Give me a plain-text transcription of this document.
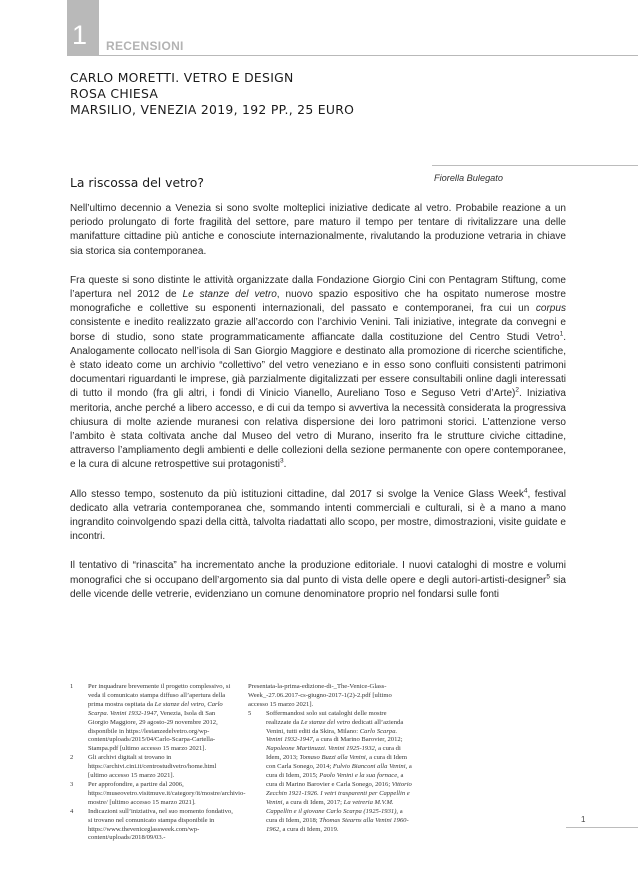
1 RECENSIONI
CARLO MORETTI. VETRO E DESIGN
ROSA CHIESA
MARSILIO, VENEZIA 2019, 192 PP., 25 EURO
Fiorella Bulegato
La riscossa del vetro?

Nell’ultimo decennio a Venezia si sono svolte molteplici iniziative dedicate al vetro. Probabile reazione a un periodo prolungato di forte fragilità del settore, pare maturo il tempo per tentare di rivitalizzare una delle manifatture cittadine più antiche e conosciute internazionalmente, rivalutando la produzione vetraria in chiave sia storica sia contemporanea.

Fra queste si sono distinte le attività organizzate dalla Fondazione Giorgio Cini con Pentagram Stiftung, come l’apertura nel 2012 de Le stanze del vetro, nuovo spazio espositivo che ha ospitato numerose mostre monografiche e collettive su esponenti internazionali, del passato e contemporanei, fra cui un corpus consistente e inedito realizzato grazie all’accordo con l’archivio Venini. Tali iniziative, integrate da convegni e borse di studio, sono state programmaticamente affiancate dalla costituzione del Centro Studi Vetro$^1$. Analogamente collocato nell’isola di San Giorgio Maggiore e destinato alla promozione di ricerche scientifiche, è stato ideato come un archivio “collettivo” del vetro veneziano e in esso sono confluiti consistenti patrimoni documentari riguardanti le imprese, già parzialmente digitalizzati per essere consultabili online dagli interessati di tutto il mondo (fra gli altri, i fondi di Vinicio Vianello, Aureliano Toso e Seguso Vetri d’Arte)$^2$. Iniziativa meritoria, anche perché a libero accesso, e di cui da tempo si avvertiva la necessità considerata la progressiva chiusura di molte aziende muranesi con relativa dispersione dei loro patrimoni storici. L’attenzione verso l’ambito è stata coltivata anche dal Museo del vetro di Murano, inserito fra le strutture civiche cittadine, attraverso l’ampliamento degli ambienti e delle collezioni della sezione permanente con opere contemporanee, e la cura di alcune retrospettive sui protagonisti$^3$.

Allo stesso tempo, sostenuto da più istituzioni cittadine, dal 2017 si svolge la Venice Glass Week$^4$, festival dedicato alla vetraria contemporanea che, sommando intenti commerciali e culturali, si è a mano a mano ingrandito coinvolgendo spazi della città, talvolta riadattati allo scopo, per mostre, dimostrazioni, visite guidate e incontri.

Il tentativo di “rinascita” ha incrementato anche la produzione editoriale. I nuovi cataloghi di mostre e volumi monografici che si occupano dell’argomento sia dal punto di vista delle opere e degli autori-artisti-designer$^5$ sia delle vicende delle vetrerie, evidenziano un comune denominatore proprio nel fondarsi sulle fonti

1 Per inquadrare brevemente il progetto complessivo, si veda il comunicato stampa diffuso all’apertura della prima mostra ospitata da Le stanze del vetro, Carlo Scarpa. Venini 1932-1947, Venezia, Isola di San Giorgio Maggiore, 29 agosto-29 novembre 2012, disponibile in https://lestanzedelvetro.org/wp-content/uploads/2015/04/Carlo-Scarpa-Cartella-Stampa.pdf [ultimo accesso 15 marzo 2021].
2 Gli archivi digitali si trovano in https://archivi.cini.it/centrostudivetro/home.html [ultimo accesso 15 marzo 2021].
3 Per approfondire, a partire dal 2006, https://museovetro.visitmuve.it/category/it/mostre/archivio-mostre/ [ultimo accesso 15 marzo 2021].
4 Indicazioni sull’iniziativa, nel suo momento fondativo, si trovano nel comunicato stampa disponibile in https://www.theveniceglassweek.com/wp-content/uploads/2018/09/03.-
Presentata-la-prima-edizione-di-_The-Venice-Glass-Week_-27.06.2017-cs-giugno-2017-1(2)-2.pdf [ultimo accesso 15 marzo 2021].
5 Soffermandosi solo sui cataloghi delle mostre realizzate da Le stanze del vetro dedicati all’azienda Venini, tutti editi da Skira, Milano: Carlo Scarpa. Venini 1932-1947, a cura di Marino Barovier, 2012; Napoleone Martinuzzi. Venini 1925-1932, a cura di Idem, 2013; Tomaso Buzzi alla Venini, a cura di Idem con Carla Sonego, 2014; Fulvio Bianconi alla Venini, a cura di Idem, 2015; Paolo Venini e la sua fornace, a cura di Marino Barovier e Carla Sonego, 2016; Vittorio Zecchin 1921-1926. I vetri trasparenti per Cappellin e Venini, a cura di Idem, 2017; La vetreria M.V.M. Cappellin e il giovane Carlo Scarpa (1925-1931), a cura di Idem, 2018; Thomas Stearns alla Venini 1960-1962, a cura di Idem, 2019.
1
